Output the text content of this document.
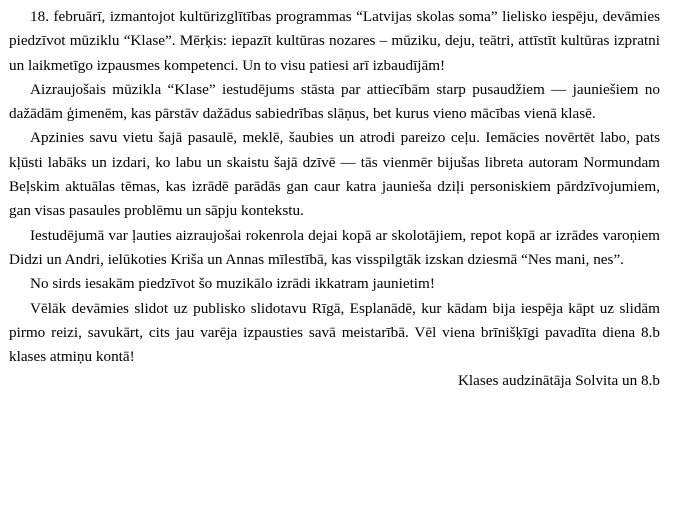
18. februārī, izmantojot kultūrizglītības programmas “Latvijas skolas soma” lielisko iespēju, devāmies piedzīvot mūziklu “Klase”. Mērķis: iepazīt kultūras nozares – mūziku, deju, teātri, attīstīt kultūras izpratni un laikmetīgo izpausmes kompetenci. Un to visu patiesi arī izbaudījām!

Aizraujošais mūzikla “Klase” iestudējums stāsta par attiecībām starp pusaudžiem — jauniešiem no dažādām ģimenēm, kas pārstāv dažādus sabiedrības slāņus, bet kurus vieno mācības vienā klasē.

Apzinies savu vietu šajā pasaulē, meklē, šaubies un atrodi pareizo ceļu. Iemācies novērtēt labo, pats kļūsti labāks un izdari, ko labu un skaistu šajā dzīvē — tās vienmēr bijušas libreta autoram Normundam Beļskim aktuālas tēmas, kas izrādē parādās gan caur katra jaunieša dziļi personiskiem pārdzīvojumiem, gan visas pasaules problēmu un sāpju kontekstu.

Iestudējumā var ļauties aizraujošai rokenrola dejai kopā ar skolotājiem, repot kopā ar izrādes varoņiem Didzi un Andri, ielūkoties Kriša un Annas mīlestībā, kas visspilgtāk izskan dziesmā “Nes mani, nes”.

No sirds iesakām piedzīvot šo muzikālo izrādi ikkatram jaunietim!

Vēlāk devāmies slidot uz publisko slidotavu Rīgā, Esplanādē, kur kādam bija iespēja kāpt uz slidām pirmo reizi, savukārt, cits jau varēja izpausties savā meistarībā. Vēl viena brīnišķīgi pavadīta diena 8.b klases atmiņu kontā!

Klases audzinātāja Solvita un 8.b
